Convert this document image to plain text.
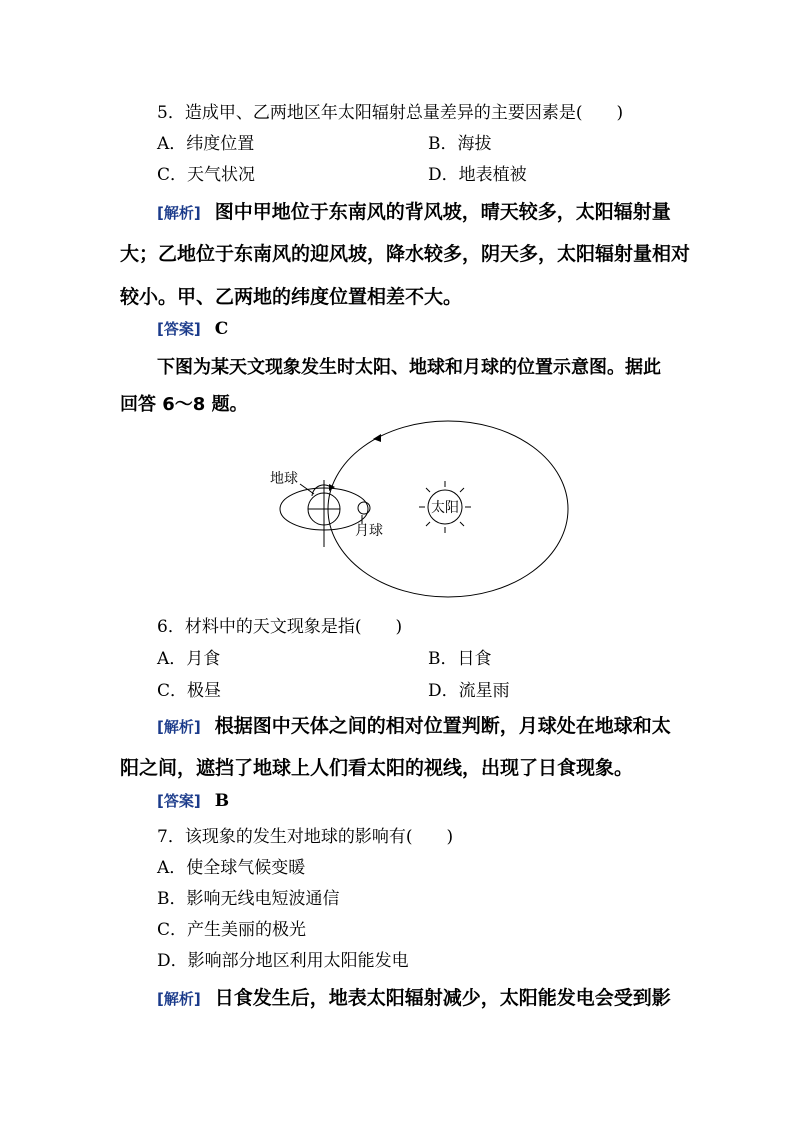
5．造成甲、乙两地区年太阳辐射总量差异的主要因素是(　　)
A．纬度位置	B．海拔
C．天气状况	D．地表植被
[解析] 图中甲地位于东南风的背风坡，晴天较多，太阳辐射量
大；乙地位于东南风的迎风坡，降水较多，阴天多，太阳辐射量相对
较小。甲、乙两地的纬度位置相差不大。
[答案] C
下图为某天文现象发生时太阳、地球和月球的位置示意图。据此
回答 6～8 题。
地球
月球
太阳
6．材料中的天文现象是指(　　)
A．月食	B．日食
C．极昼	D．流星雨
[解析] 根据图中天体之间的相对位置判断，月球处在地球和太
阳之间，遮挡了地球上人们看太阳的视线，出现了日食现象。
[答案] B
7．该现象的发生对地球的影响有(　　)
A．使全球气候变暖
B．影响无线电短波通信
C．产生美丽的极光
D．影响部分地区利用太阳能发电
[解析] 日食发生后，地表太阳辐射减少，太阳能发电会受到影
